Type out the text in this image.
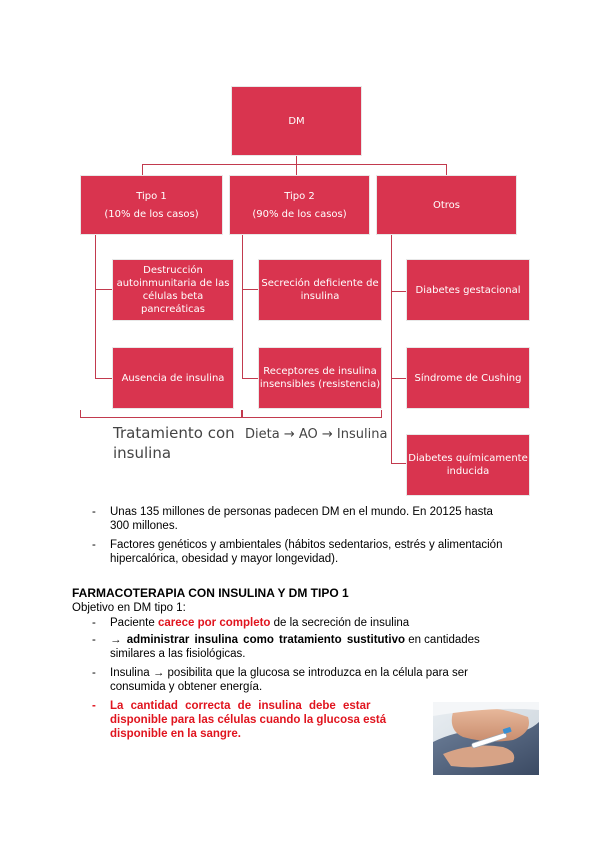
DM
Tipo 1
(10% de los casos)
Tipo 2
(90% de los casos)
Otros
Destrucción
autoinmunitaria de las
células beta
pancreáticas
Ausencia de insulina
Secreción deficiente de
insulina
Receptores de insulina
insensibles (resistencia)
Diabetes gestacional
Síndrome de Cushing
Diabetes químicamente
inducida
Tratamiento con
insulina
Dieta → AO → Insulina
- Unas 135 millones de personas padecen DM en el mundo. En 20125 hasta
300 millones.
- Factores genéticos y ambientales (hábitos sedentarios, estrés y alimentación
hipercalórica, obesidad y mayor longevidad).
FARMACOTERAPIA CON INSULINA Y DM TIPO 1
Objetivo en DM tipo 1:
- Paciente carece por completo de la secreción de insulina
- → administrar insulina como tratamiento sustitutivo en cantidades
similares a las fisiológicas.
- Insulina → posibilita que la glucosa se introduzca en la célula para ser
consumida y obtener energía.
- La cantidad correcta de insulina debe estar
disponible para las células cuando la glucosa está
disponible en la sangre.
